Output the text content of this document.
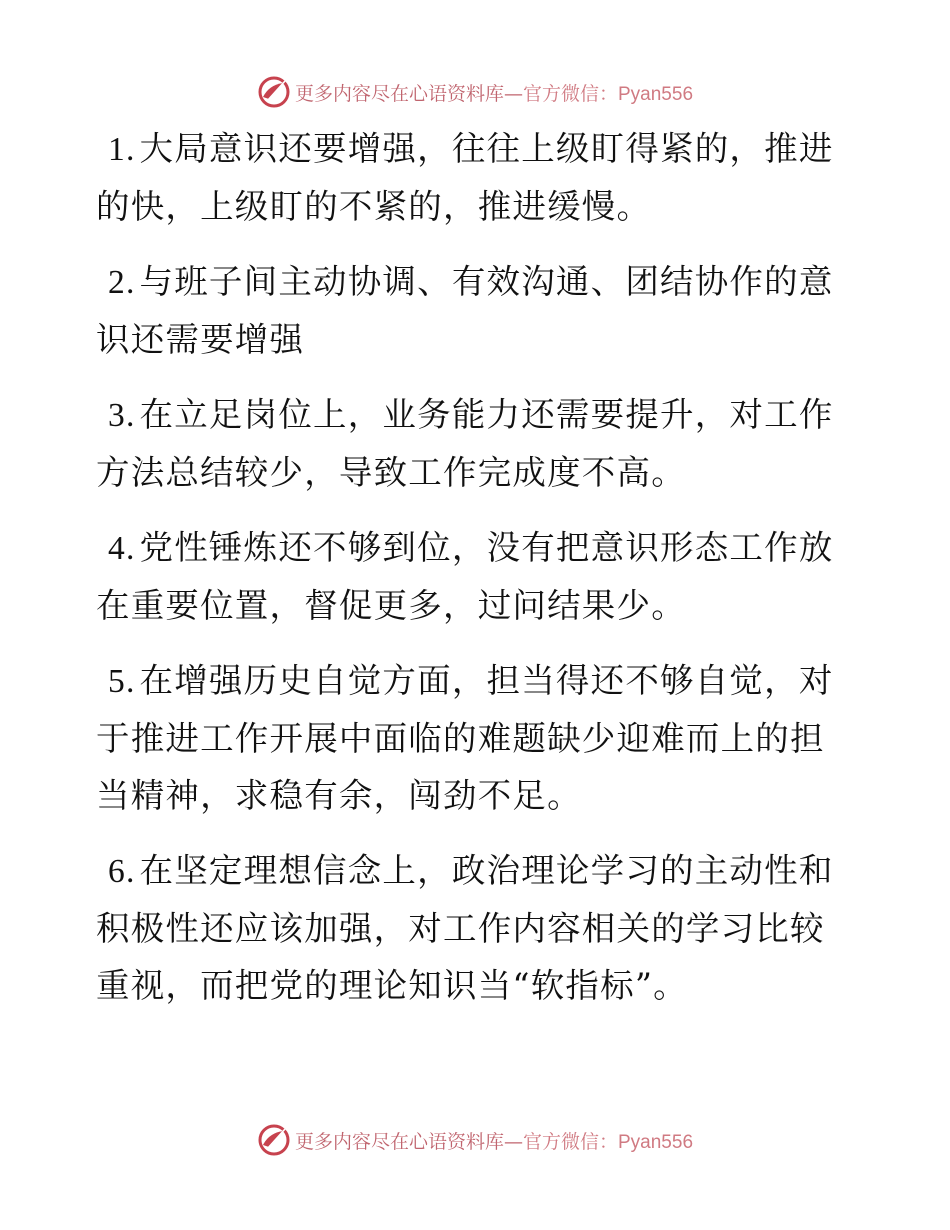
更多内容尽在心语资料库—官方微信：Pyan556

1. 大局意识还要增强，往往上级盯得紧的，推进的快，上级盯的不紧的，推进缓慢。

2. 与班子间主动协调、有效沟通、团结协作的意识还需要增强

3. 在立足岗位上，业务能力还需要提升，对工作方法总结较少，导致工作完成度不高。

4. 党性锤炼还不够到位，没有把意识形态工作放在重要位置，督促更多，过问结果少。

5. 在增强历史自觉方面，担当得还不够自觉，对于推进工作开展中面临的难题缺少迎难而上的担当精神，求稳有余，闯劲不足。

6. 在坚定理想信念上，政治理论学习的主动性和积极性还应该加强，对工作内容相关的学习比较重视，而把党的理论知识当“软指标”。

更多内容尽在心语资料库—官方微信：Pyan556
